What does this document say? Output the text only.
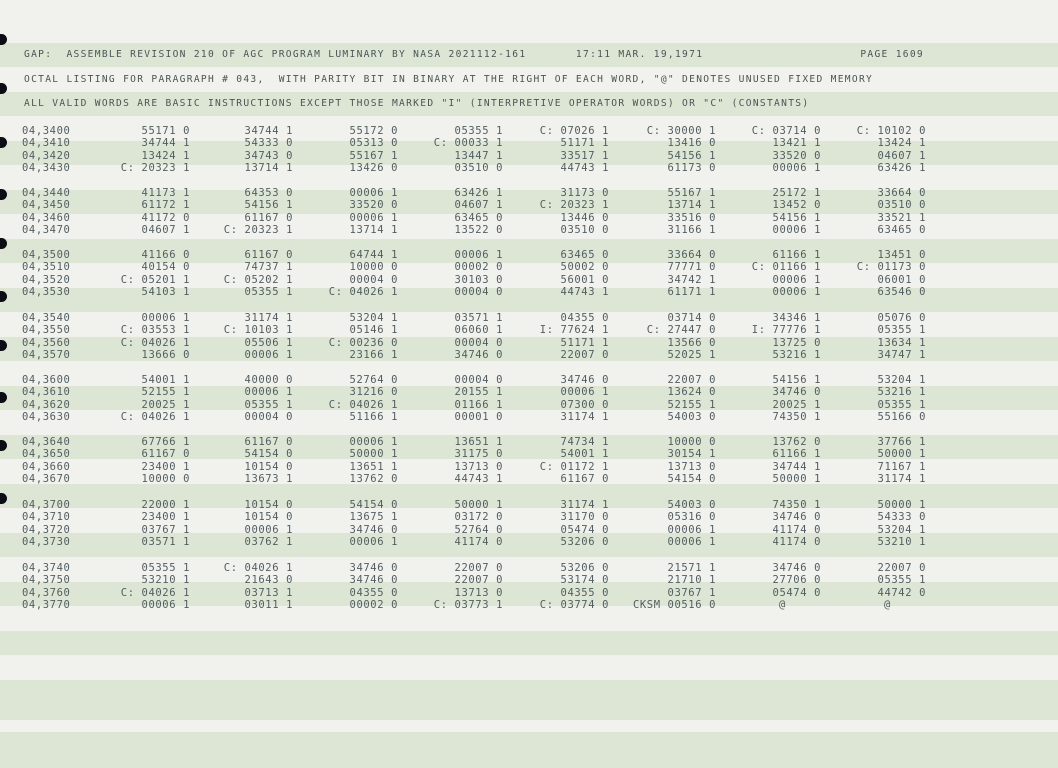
GAP:  ASSEMBLE REVISION 210 OF AGC PROGRAM LUMINARY BY NASA 2021112-161       17:11 MAR. 19,1971	PAGE 1609
OCTAL LISTING FOR PARAGRAPH # 043,  WITH PARITY BIT IN BINARY AT THE RIGHT OF EACH WORD, "@" DENOTES UNUSED FIXED MEMORY
ALL VALID WORDS ARE BASIC INSTRUCTIONS EXCEPT THOSE MARKED "I" (INTERPRETIVE OPERATOR WORDS) OR "C" (CONSTANTS)
04,3400	55171 0	34744 1	55172 0	05355 1	C: 07026 1	C: 30000 1	C: 03714 0	C: 10102 0
04,3410	34744 1	54333 0	05313 0	C: 00033 1	51171 1	13416 0	13421 1	13424 1
04,3420	13424 1	34743 0	55167 1	13447 1	33517 1	54156 1	33520 0	04607 1
04,3430	C: 20323 1	13714 1	13426 0	03510 0	44743 1	61173 0	00006 1	63426 1
04,3440	41173 1	64353 0	00006 1	63426 1	31173 0	55167 1	25172 1	33664 0
04,3450	61172 1	54156 1	33520 0	04607 1	C: 20323 1	13714 1	13452 0	03510 0
04,3460	41172 0	61167 0	00006 1	63465 0	13446 0	33516 0	54156 1	33521 1
04,3470	04607 1	C: 20323 1	13714 1	13522 0	03510 0	31166 1	00006 1	63465 0
04,3500	41166 0	61167 0	64744 1	00006 1	63465 0	33664 0	61166 1	13451 0
04,3510	40154 0	74737 1	10000 0	00002 0	50002 0	77771 0	C: 01166 1	C: 01173 0
04,3520	C: 05201 1	C: 05202 1	00004 0	30103 0	56001 0	34742 1	00006 1	06001 0
04,3530	54103 1	05355 1	C: 04026 1	00004 0	44743 1	61171 1	00006 1	63546 0
04,3540	00006 1	31174 1	53204 1	03571 1	04355 0	03714 0	34346 1	05076 0
04,3550	C: 03553 1	C: 10103 1	05146 1	06060 1	I: 77624 1	C: 27447 0	I: 77776 1	05355 1
04,3560	C: 04026 1	05506 1	C: 00236 0	00004 0	51171 1	13566 0	13725 0	13634 1
04,3570	13666 0	00006 1	23166 1	34746 0	22007 0	52025 1	53216 1	34747 1
04,3600	54001 1	40000 0	52764 0	00004 0	34746 0	22007 0	54156 1	53204 1
04,3610	52155 1	00006 1	31216 0	20155 1	00006 1	13624 0	34746 0	53216 1
04,3620	20025 1	05355 1	C: 04026 1	01166 1	07300 0	52155 1	20025 1	05355 1
04,3630	C: 04026 1	00004 0	51166 1	00001 0	31174 1	54003 0	74350 1	55166 0
04,3640	67766 1	61167 0	00006 1	13651 1	74734 1	10000 0	13762 0	37766 1
04,3650	61167 0	54154 0	50000 1	31175 0	54001 1	30154 1	61166 1	50000 1
04,3660	23400 1	10154 0	13651 1	13713 0	C: 01172 1	13713 0	34744 1	71167 1
04,3670	10000 0	13673 1	13762 0	44743 1	61167 0	54154 0	50000 1	31174 1
04,3700	22000 1	10154 0	54154 0	50000 1	31174 1	54003 0	74350 1	50000 1
04,3710	23400 1	10154 0	13675 1	03172 0	31170 0	05316 0	34746 0	54333 0
04,3720	03767 1	00006 1	34746 0	52764 0	05474 0	00006 1	41174 0	53204 1
04,3730	03571 1	03762 1	00006 1	41174 0	53206 0	00006 1	41174 0	53210 1
04,3740	05355 1	C: 04026 1	34746 0	22007 0	53206 0	21571 1	34746 0	22007 0
04,3750	53210 1	21643 0	34746 0	22007 0	53174 0	21710 1	27706 0	05355 1
04,3760	C: 04026 1	03713 1	04355 0	13713 0	04355 0	03767 1	05474 0	44742 0
04,3770	00006 1	03011 1	00002 0	C: 03773 1	C: 03774 0 CKSM 00516 0	@	@
